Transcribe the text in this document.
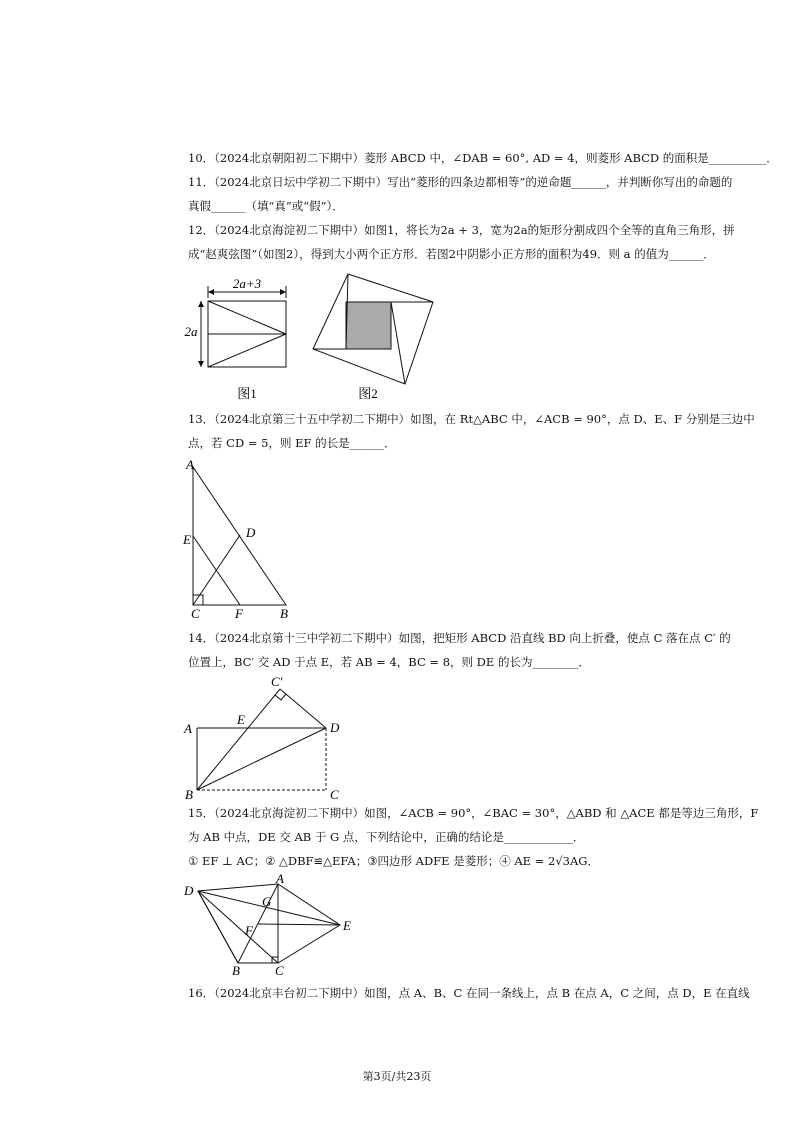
10．（2024北京朝阳初二下期中）菱形 ABCD 中，∠DAB = 60°, AD = 4，则菱形 ABCD 的面积是__________．
11．（2024北京日坛中学初二下期中）写出“菱形的四条边都相等”的逆命题______，并判断你写出的命题的
真假______（填“真”或“假”）．
12．（2024北京海淀初二下期中）如图1，将长为2a + 3，宽为2a的矩形分割成四个全等的直角三角形，拼
成“赵爽弦图”（如图2），得到大小两个正方形．若图2中阴影小正方形的面积为49．则 a 的值为______．
2a+3
2a
图1	图2
13．（2024北京第三十五中学初二下期中）如图，在 Rt△ABC 中，∠ACB = 90°，点 D、E、F 分别是三边中
点，若 CD = 5，则 EF 的长是______．
A
D
E
C	F	B
14．（2024北京第十三中学初二下期中）如图，把矩形 ABCD 沿直线 BD 向上折叠，使点 C 落在点 C′ 的
位置上，BC′ 交 AD 于点 E，若 AB = 4，BC = 8，则 DE 的长为________．
C′
A
E
D
B	C
15．（2024北京海淀初二下期中）如图，∠ACB = 90°，∠BAC = 30°，△ABD 和 △ACE 都是等边三角形，F
为 AB 中点，DE 交 AB 于 G 点，下列结论中，正确的结论是____________．
① EF ⊥ AC；② △DBF≌△EFA；③四边形 ADFE 是菱形；④ AE = 2√3AG．
D
A
G
E
F
B	C
16．（2024北京丰台初二下期中）如图，点 A、B、C 在同一条线上，点 B 在点 A，C 之间，点 D，E 在直线
第3页/共23页
